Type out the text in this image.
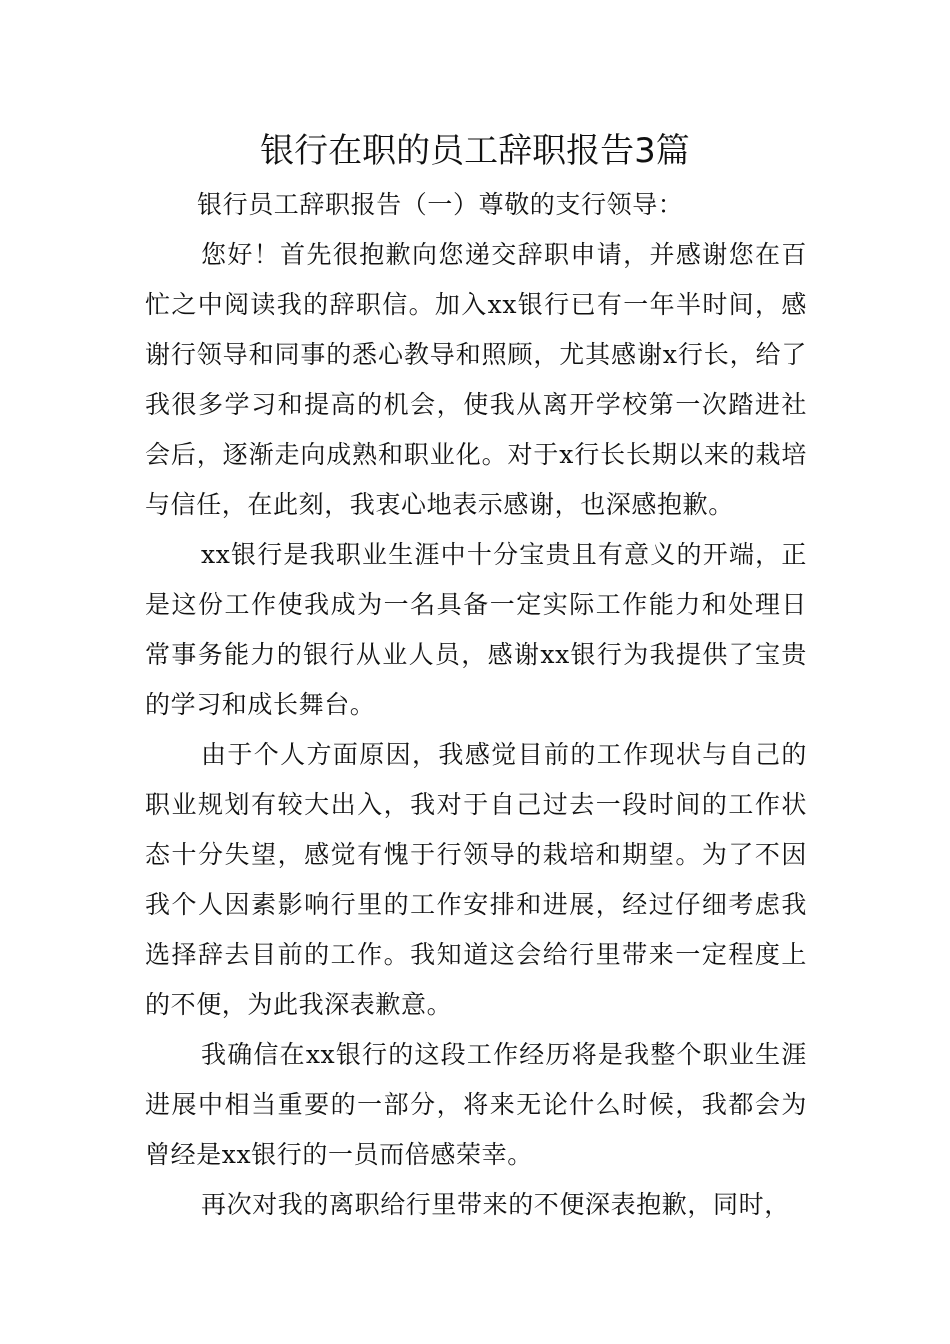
银行在职的员工辞职报告3篇

银行员工辞职报告（一）尊敬的支行领导：

您好！首先很抱歉向您递交辞职申请，并感谢您在百忙之中阅读我的辞职信。加入xx银行已有一年半时间，感谢行领导和同事的悉心教导和照顾，尤其感谢x行长，给了我很多学习和提高的机会，使我从离开学校第一次踏进社会后，逐渐走向成熟和职业化。对于x行长长期以来的栽培与信任，在此刻，我衷心地表示感谢，也深感抱歉。

xx银行是我职业生涯中十分宝贵且有意义的开端，正是这份工作使我成为一名具备一定实际工作能力和处理日常事务能力的银行从业人员，感谢xx银行为我提供了宝贵的学习和成长舞台。

由于个人方面原因，我感觉目前的工作现状与自己的职业规划有较大出入，我对于自己过去一段时间的工作状态十分失望，感觉有愧于行领导的栽培和期望。为了不因我个人因素影响行里的工作安排和进展，经过仔细考虑我选择辞去目前的工作。我知道这会给行里带来一定程度上的不便，为此我深表歉意。

我确信在xx银行的这段工作经历将是我整个职业生涯进展中相当重要的一部分，将来无论什么时候，我都会为曾经是xx银行的一员而倍感荣幸。

再次对我的离职给行里带来的不便深表抱歉，同时，
